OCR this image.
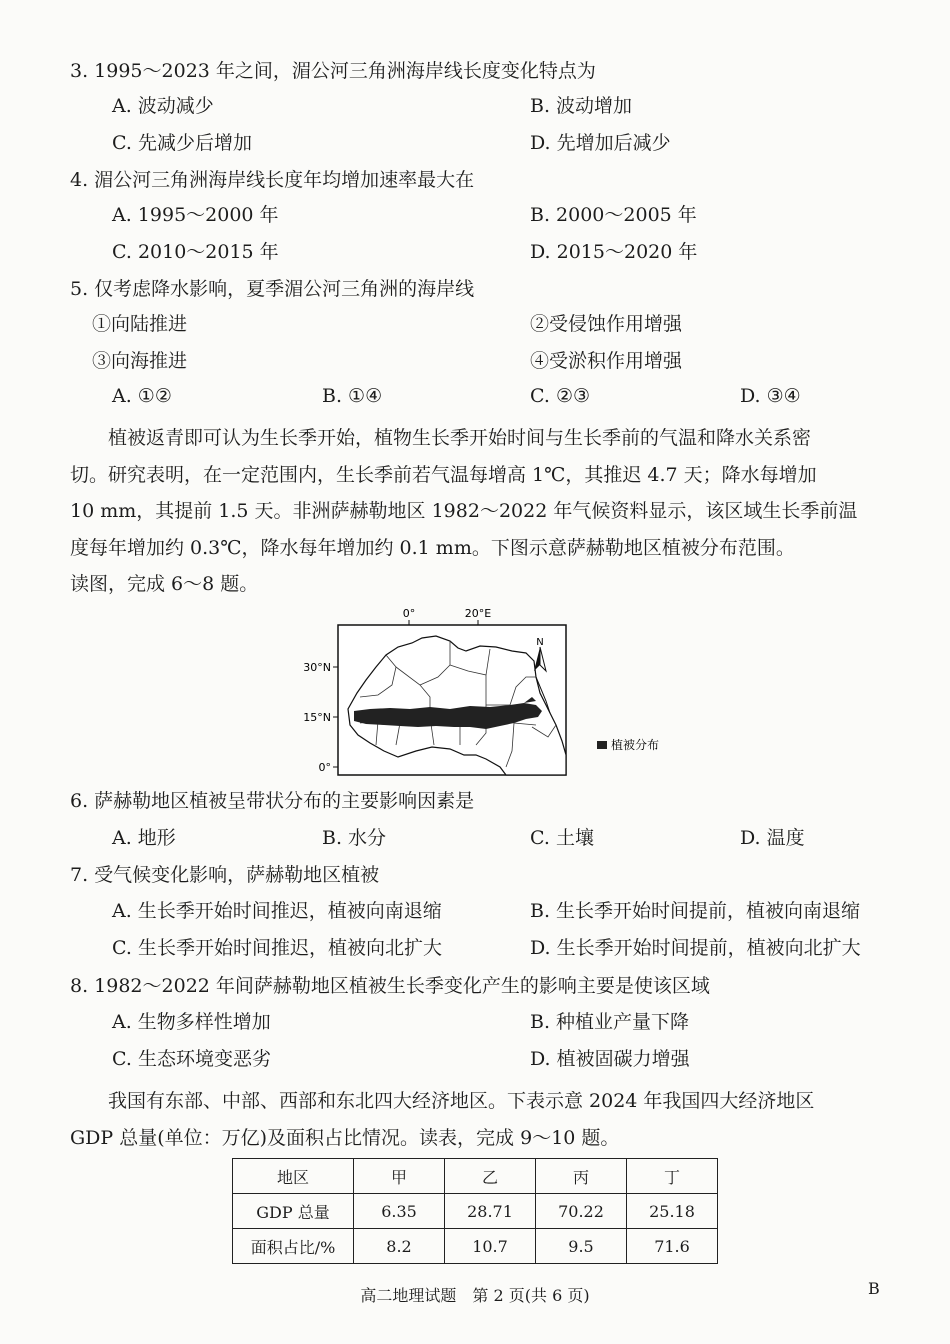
3. 1995～2023 年之间，湄公河三角洲海岸线长度变化特点为
A. 波动减少	B. 波动增加
C. 先减少后增加	D. 先增加后减少
4. 湄公河三角洲海岸线长度年均增加速率最大在
A. 1995～2000 年	B. 2000～2005 年
C. 2010～2015 年	D. 2015～2020 年
5. 仅考虑降水影响，夏季湄公河三角洲的海岸线
①向陆推进	②受侵蚀作用增强
③向海推进	④受淤积作用增强
A. ①②	B. ①④	C. ②③	D. ③④
　　植被返青即可认为生长季开始，植物生长季开始时间与生长季前的气温和降水关系密
切。研究表明，在一定范围内，生长季前若气温每增高 1℃，其推迟 4.7 天；降水每增加
10 mm，其提前 1.5 天。非洲萨赫勒地区 1982～2022 年气候资料显示，该区域生长季前温
度每年增加约 0.3℃，降水每年增加约 0.1 mm。下图示意萨赫勒地区植被分布范围。
读图，完成 6～8 题。
0°	20°E
30°N
15°N
0°
N
植被分布
6. 萨赫勒地区植被呈带状分布的主要影响因素是
A. 地形	B. 水分	C. 土壤	D. 温度
7. 受气候变化影响，萨赫勒地区植被
A. 生长季开始时间推迟，植被向南退缩	B. 生长季开始时间提前，植被向南退缩
C. 生长季开始时间推迟，植被向北扩大	D. 生长季开始时间提前，植被向北扩大
8. 1982～2022 年间萨赫勒地区植被生长季变化产生的影响主要是使该区域
A. 生物多样性增加	B. 种植业产量下降
C. 生态环境变恶劣	D. 植被固碳力增强
　　我国有东部、中部、西部和东北四大经济地区。下表示意 2024 年我国四大经济地区
GDP 总量(单位：万亿)及面积占比情况。读表，完成 9～10 题。
地区	甲	乙	丙	丁
GDP 总量	6.35	28.71	70.22	25.18
面积占比/%	8.2	10.7	9.5	71.6
高二地理试题　第 2 页(共 6 页)	B
